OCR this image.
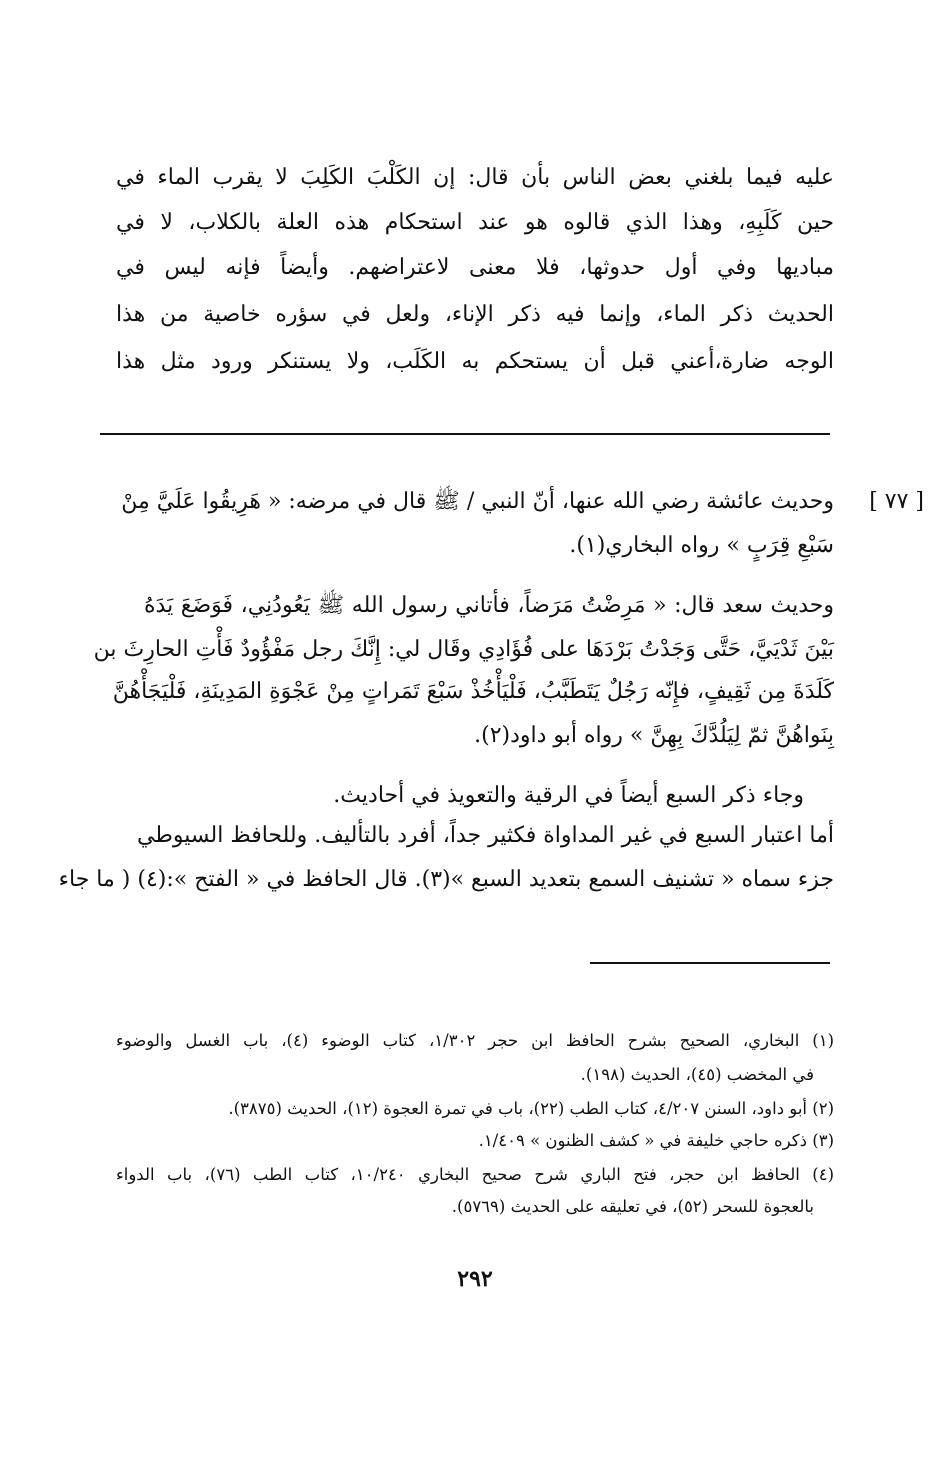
عليه فيما بلغني بعض الناس بأن قال: إن الكَلْبَ الكَلِبَ لا يقرب الماء في
حين كَلَبِهِ، وهذا الذي قالوه هو عند استحكام هذه العلة بالكلاب، لا في
مباديها وفي أول حدوثها، فلا معنى لاعتراضهم. وأيضاً فإنه ليس في
الحديث ذكر الماء، وإنما فيه ذكر الإناء، ولعل في سؤره خاصية من هذا
الوجه ضارة،أعني قبل أن يستحكم به الكَلَب، ولا يستنكر ورود مثل هذا
[ ٧٧ ]
وحديث عائشة رضي الله عنها، أنّ النبي / ﷺ قال في مرضه: « هَرِيقُوا عَلَيَّ مِنْ
سَبْعِ قِرَبٍ » رواه البخاري(١).
وحديث سعد قال: « مَرِضْتُ مَرَضاً، فأتاني رسول الله ﷺ يَعُودُنِي، فَوَضَعَ يَدَهُ
بَيْنَ ثَدْيَيَّ، حَتَّى وَجَدْتُ بَرْدَهَا على فُؤَادِي وقَال لي: إِنَّكَ رجل مَفْؤُودٌ فَأْتِ الحارِثَ بن
كَلَدَةَ مِن ثَقِيفٍ، فإِنّه رَجُلٌ يَتَطَبَّبُ، فَلْيَأْخُذْ سَبْعَ تَمَراتٍ مِنْ عَجْوَةِ المَدِينَةِ، فَلْيَجَأْهُنَّ
بِنَواهُنَّ ثمّ لِيَلُدَّكَ بِهِنَّ » رواه أبو داود(٢).
وجاء ذكر السبع أيضاً في الرقية والتعويذ في أحاديث.
أما اعتبار السبع في غير المداواة فكثير جداً، أفرد بالتأليف. وللحافظ السيوطي
جزء سماه « تشنيف السمع بتعديد السبع »(٣). قال الحافظ في « الفتح »:(٤) ( ما جاء
(١) البخاري، الصحيح بشرح الحافظ ابن حجر ١/٣٠٢، كتاب الوضوء (٤)، باب الغسل والوضوء
في المخضب (٤٥)، الحديث (١٩٨).
(٢) أبو داود، السنن ٤/٢٠٧، كتاب الطب (٢٢)، باب في تمرة العجوة (١٢)، الحديث (٣٨٧٥).
(٣) ذكره حاجي خليفة في « كشف الظنون » ١/٤٠٩.
(٤) الحافظ ابن حجر، فتح الباري شرح صحيح البخاري ١٠/٢٤٠، كتاب الطب (٧٦)، باب الدواء
بالعجوة للسحر (٥٢)، في تعليقه على الحديث (٥٧٦٩).
٢٩٢
